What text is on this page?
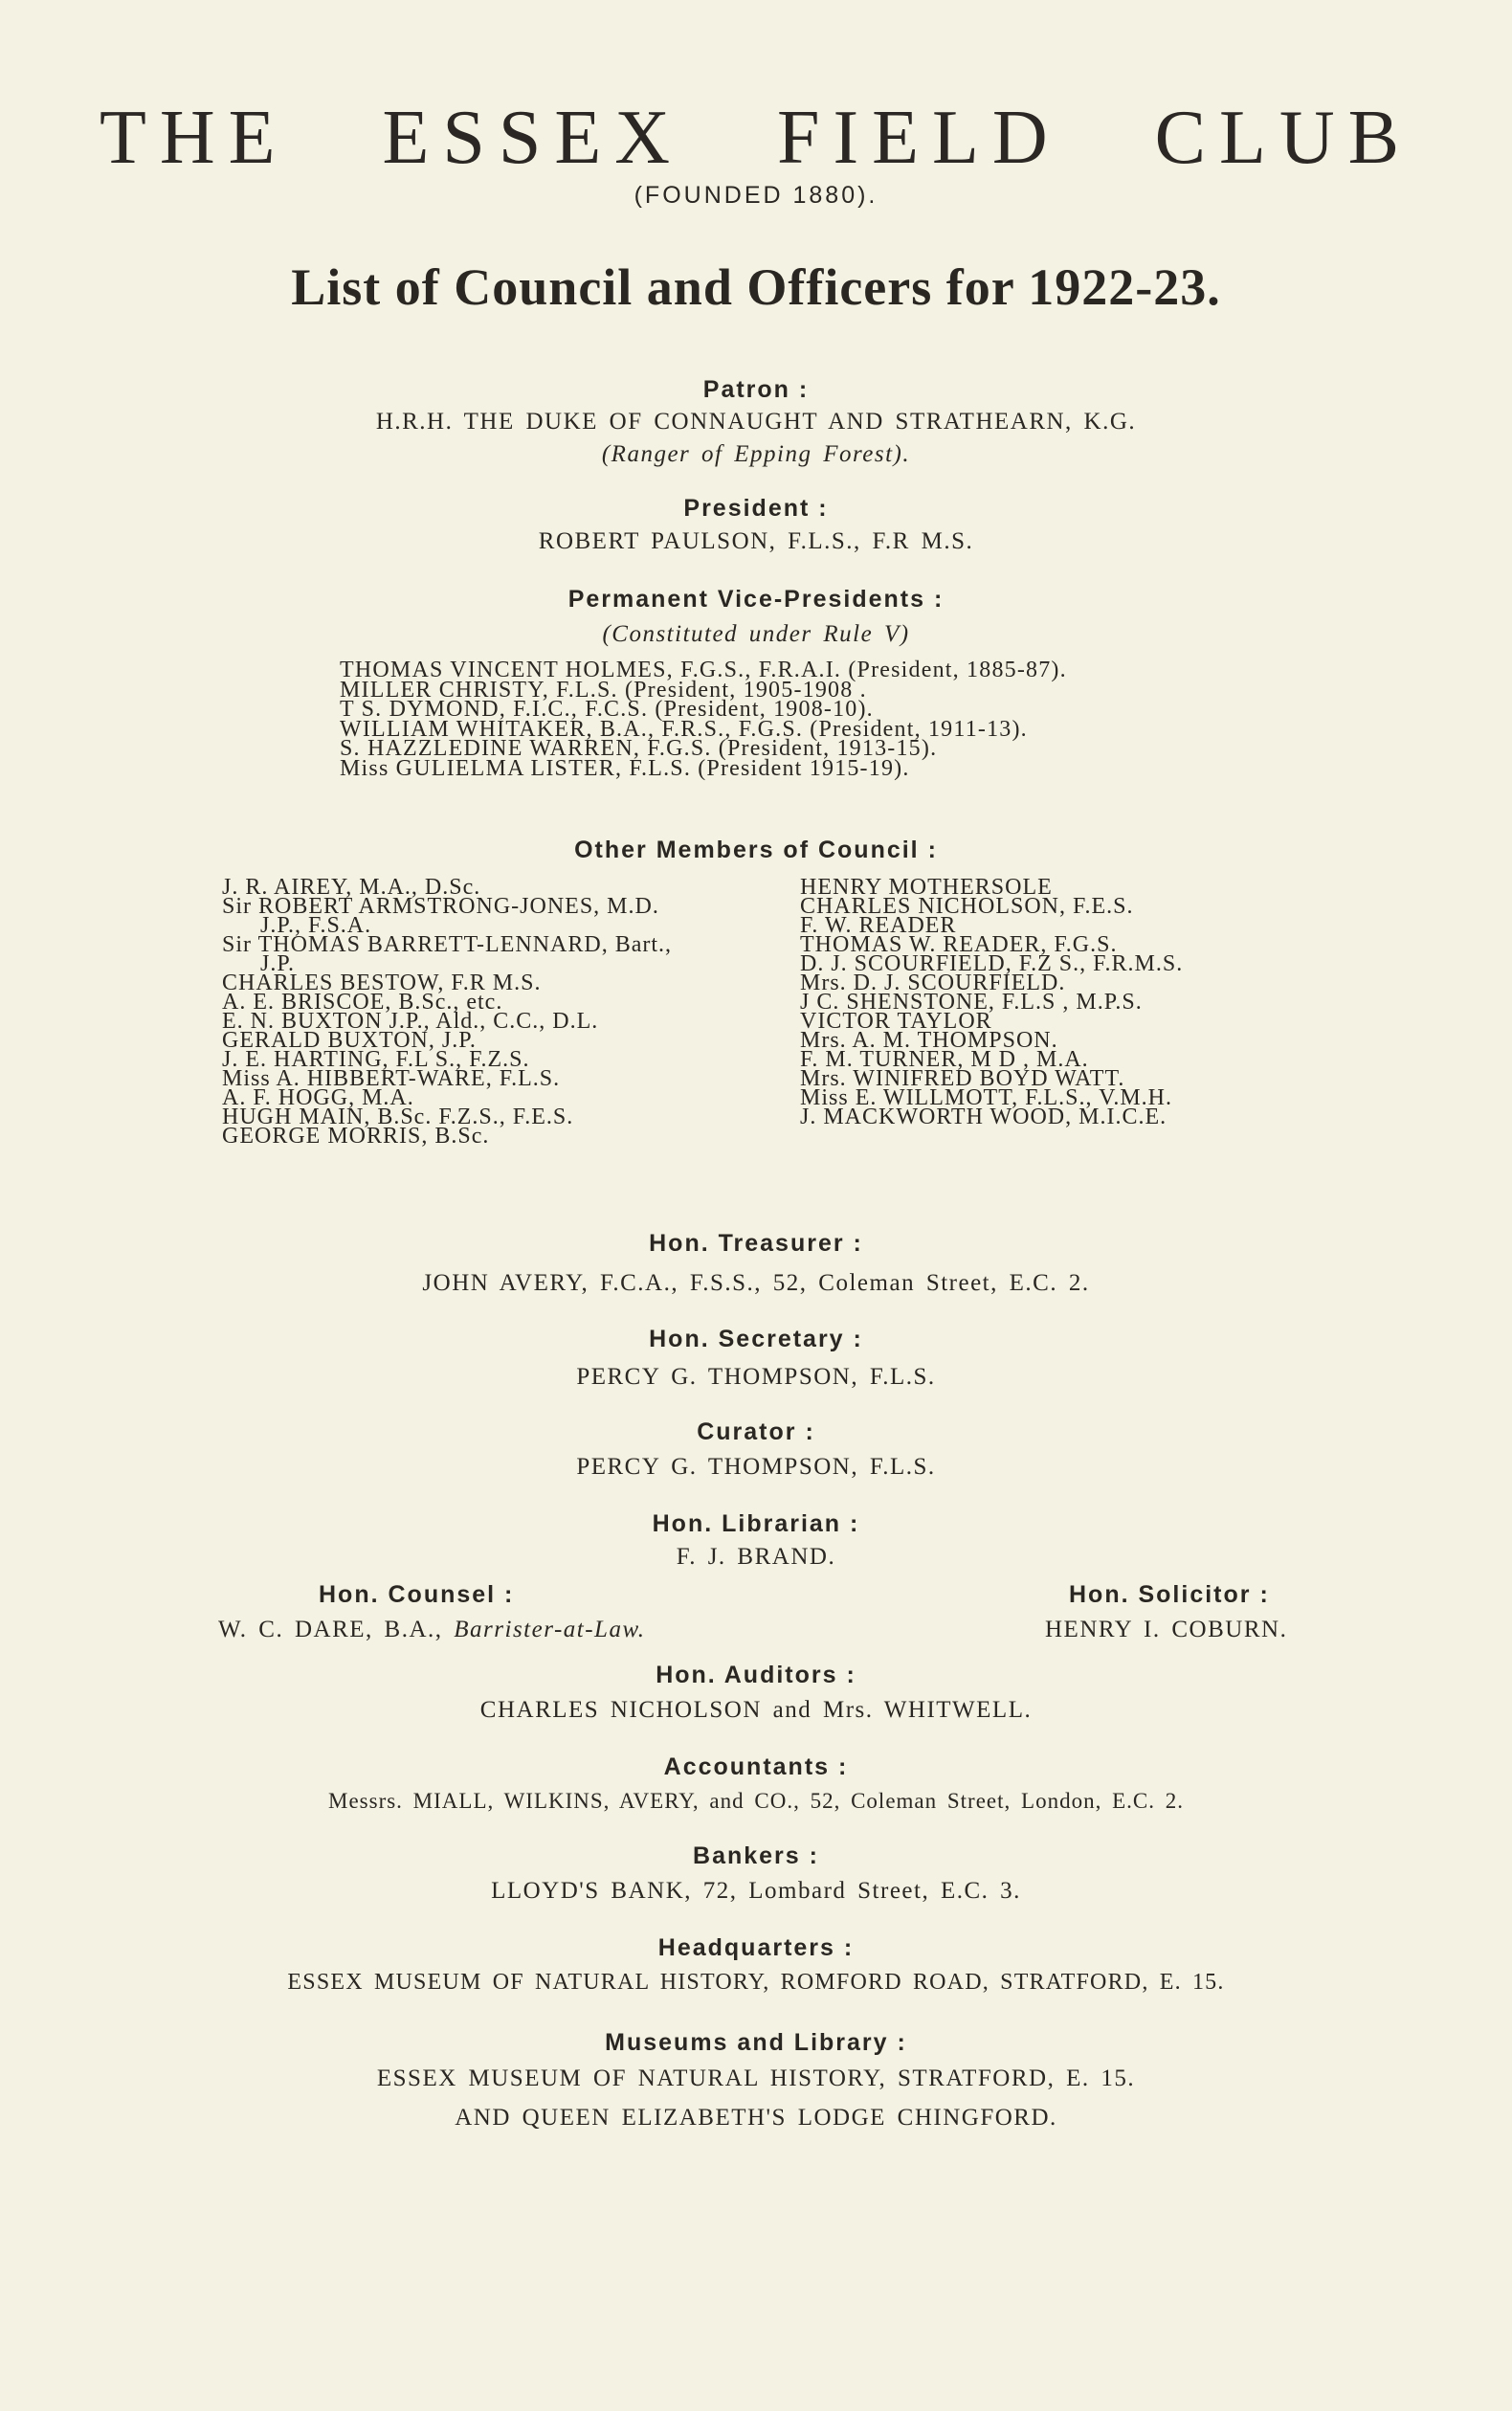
THE ESSEX FIELD CLUB
(FOUNDED 1880).
List of Council and Officers for 1922-23.
Patron :
H.R.H. THE DUKE OF CONNAUGHT AND STRATHEARN, K.G.
(Ranger of Epping Forest).
President :
ROBERT PAULSON, F.L.S., F.R M.S.
Permanent Vice-Presidents :
(Constituted under Rule V)
THOMAS VINCENT HOLMES, F.G.S., F.R.A.I. (President, 1885-87).
MILLER CHRISTY, F.L.S. (President, 1905-1908 .
T S. DYMOND, F.I.C., F.C.S. (President, 1908-10).
WILLIAM WHITAKER, B.A., F.R.S., F.G.S. (President, 1911-13).
S. HAZZLEDINE WARREN, F.G.S. (President, 1913-15).
Miss GULIELMA LISTER, F.L.S. (President 1915-19).
Other Members of Council :
J. R. AIREY, M.A., D.Sc.
Sir ROBERT ARMSTRONG-JONES, M.D.
J.P., F.S.A.
Sir THOMAS BARRETT-LENNARD, Bart.,
J.P.
CHARLES BESTOW, F.R M.S.
A. E. BRISCOE, B.Sc., etc.
E. N. BUXTON J.P., Ald., C.C., D.L.
GERALD BUXTON, J.P.
J. E. HARTING, F.L S., F.Z.S.
Miss A. HIBBERT-WARE, F.L.S.
A. F. HOGG, M.A.
HUGH MAIN, B.Sc. F.Z.S., F.E.S.
GEORGE MORRIS, B.Sc.
HENRY MOTHERSOLE
CHARLES NICHOLSON, F.E.S.
F. W. READER
THOMAS W. READER, F.G.S.
D. J. SCOURFIELD, F.Z S., F.R.M.S.
Mrs. D. J. SCOURFIELD.
J C. SHENSTONE, F.L.S , M.P.S.
VICTOR TAYLOR
Mrs. A. M. THOMPSON.
F. M. TURNER, M D , M.A.
Mrs. WINIFRED BOYD WATT.
Miss E. WILLMOTT, F.L.S., V.M.H.
J. MACKWORTH WOOD, M.I.C.E.
Hon. Treasurer :
JOHN AVERY, F.C.A., F.S.S., 52, Coleman Street, E.C. 2.
Hon. Secretary :
PERCY G. THOMPSON, F.L.S.
Curator :
PERCY G. THOMPSON, F.L.S.
Hon. Librarian :
F. J. BRAND.
Hon. Counsel :
W. C. DARE, B.A., Barrister-at-Law.
Hon. Solicitor :
HENRY I. COBURN.
Hon. Auditors :
CHARLES NICHOLSON and Mrs. WHITWELL.
Accountants :
Messrs. MIALL, WILKINS, AVERY, and CO., 52, Coleman Street, London, E.C. 2.
Bankers :
LLOYD'S BANK, 72, Lombard Street, E.C. 3.
Headquarters :
ESSEX MUSEUM OF NATURAL HISTORY, ROMFORD ROAD, STRATFORD, E. 15.
Museums and Library :
ESSEX MUSEUM OF NATURAL HISTORY, STRATFORD, E. 15.
AND QUEEN ELIZABETH'S LODGE CHINGFORD.
